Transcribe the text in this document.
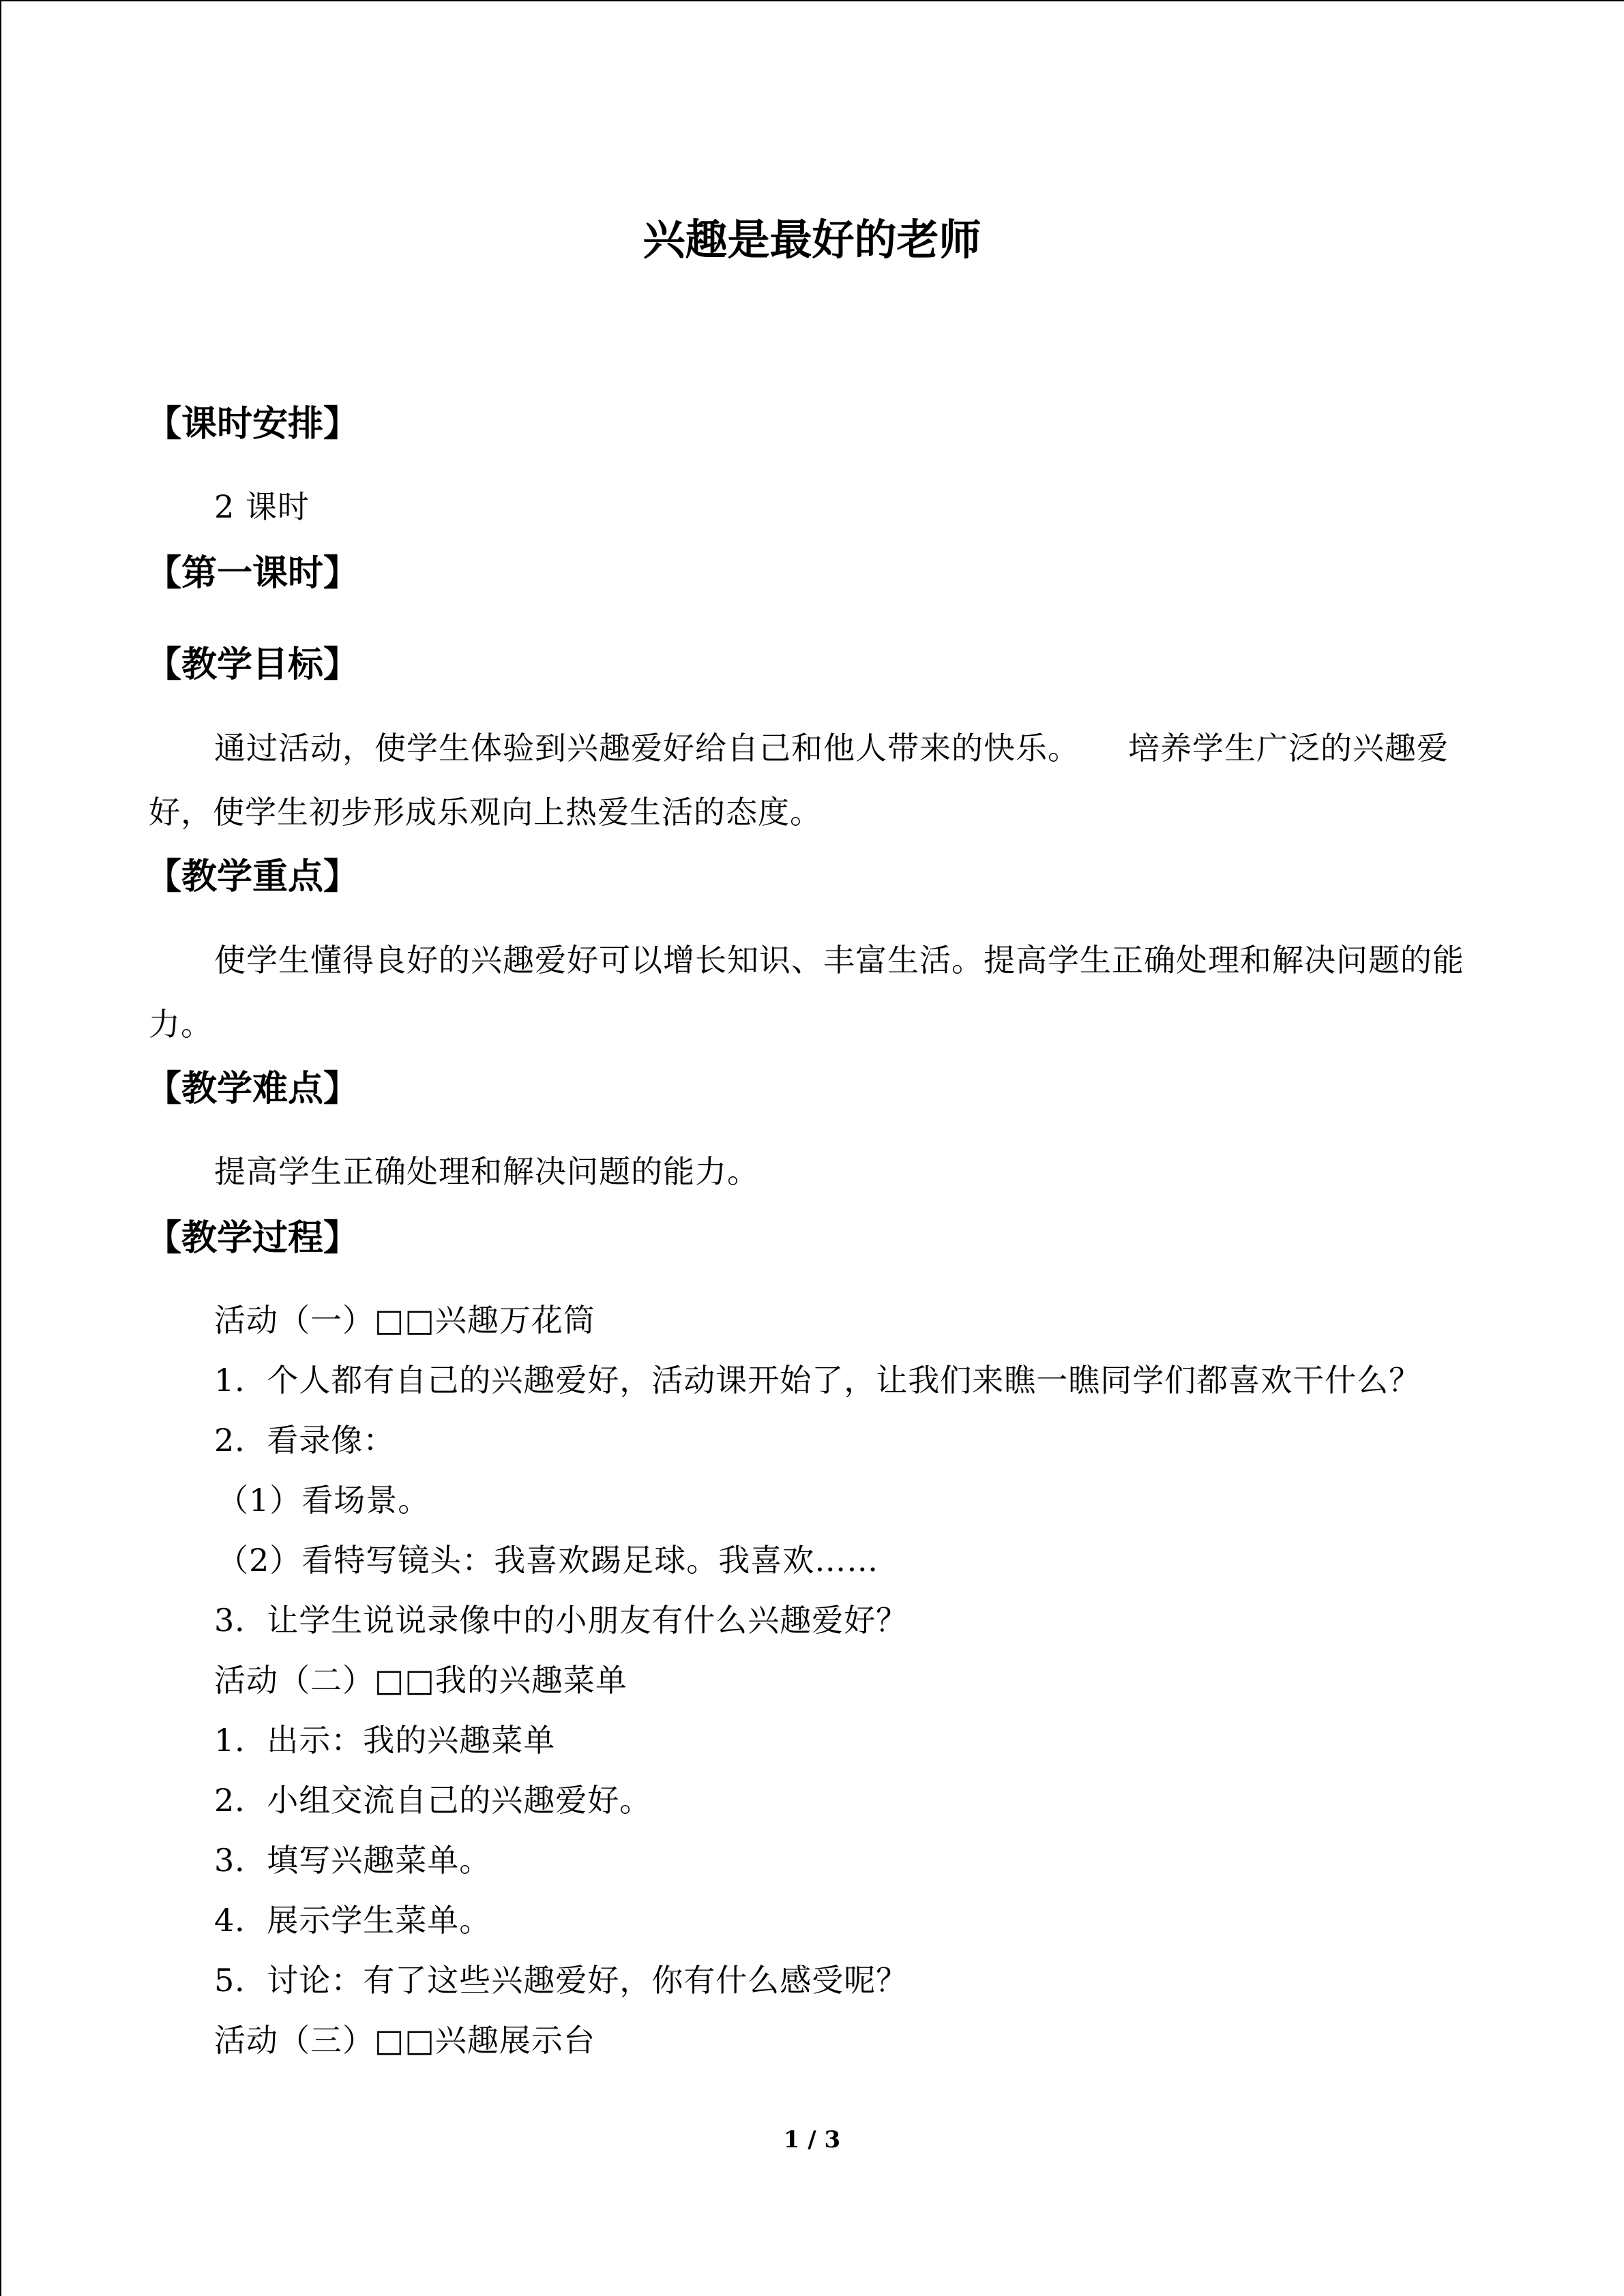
兴趣是最好的老师
【课时安排】
2 课时
【第一课时】
【教学目标】
通过活动，使学生体验到兴趣爱好给自己和他人带来的快乐。　　培养学生广泛的兴趣爱好，使学生初步形成乐观向上热爱生活的态度。
【教学重点】
使学生懂得良好的兴趣爱好可以增长知识、丰富生活。提高学生正确处理和解决问题的能力。
【教学难点】
提高学生正确处理和解决问题的能力。
【教学过程】
活动（一）□□兴趣万花筒
1．个人都有自己的兴趣爱好，活动课开始了，让我们来瞧一瞧同学们都喜欢干什么？
2．看录像：
（1）看场景。
（2）看特写镜头：我喜欢踢足球。我喜欢……
3．让学生说说录像中的小朋友有什么兴趣爱好？
活动（二）□□我的兴趣菜单
1．出示：我的兴趣菜单
2．小组交流自己的兴趣爱好。
3．填写兴趣菜单。
4．展示学生菜单。
5．讨论：有了这些兴趣爱好，你有什么感受呢？
活动（三）□□兴趣展示台
1 / 3
